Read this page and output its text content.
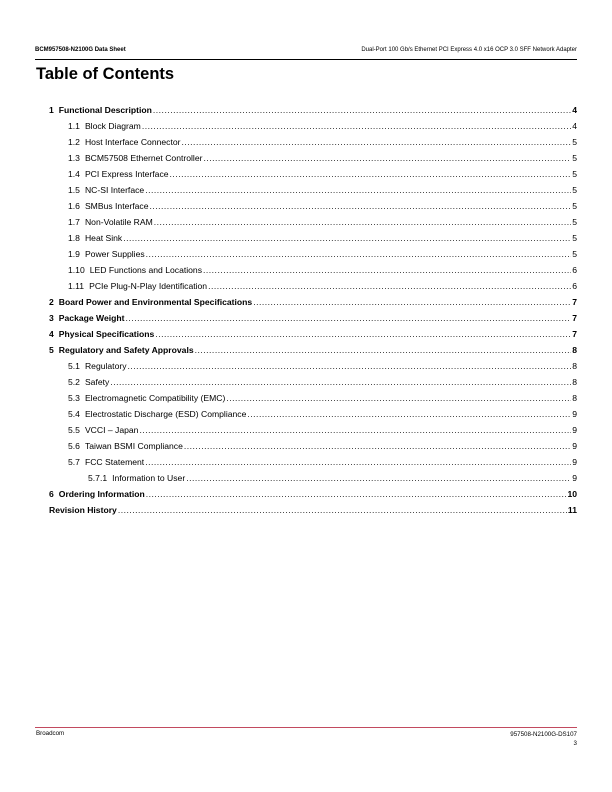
BCM957508-N2100G Data Sheet	Dual-Port 100 Gb/s Ethernet PCI Express 4.0 x16 OCP 3.0 SFF Network Adapter
Table of Contents
1 Functional Description .....	4
1.1 Block Diagram .....	4
1.2 Host Interface Connector .....	5
1.3 BCM57508 Ethernet Controller .....	5
1.4 PCI Express Interface .....	5
1.5 NC-SI Interface .....	5
1.6 SMBus Interface .....	5
1.7 Non-Volatile RAM .....	5
1.8 Heat Sink .....	5
1.9 Power Supplies .....	5
1.10 LED Functions and Locations .....	6
1.11 PCIe Plug-N-Play Identification .....	6
2 Board Power and Environmental Specifications .....	7
3 Package Weight .....	7
4 Physical Specifications .....	7
5 Regulatory and Safety Approvals .....	8
5.1 Regulatory .....	8
5.2 Safety .....	8
5.3 Electromagnetic Compatibility (EMC) .....	8
5.4 Electrostatic Discharge (ESD) Compliance .....	9
5.5 VCCI – Japan .....	9
5.6 Taiwan BSMI Compliance .....	9
5.7 FCC Statement .....	9
5.7.1 Information to User .....	9
6 Ordering Information .....	10
Revision History .....	11
Broadcom	957508-N2100G-DS107
3
